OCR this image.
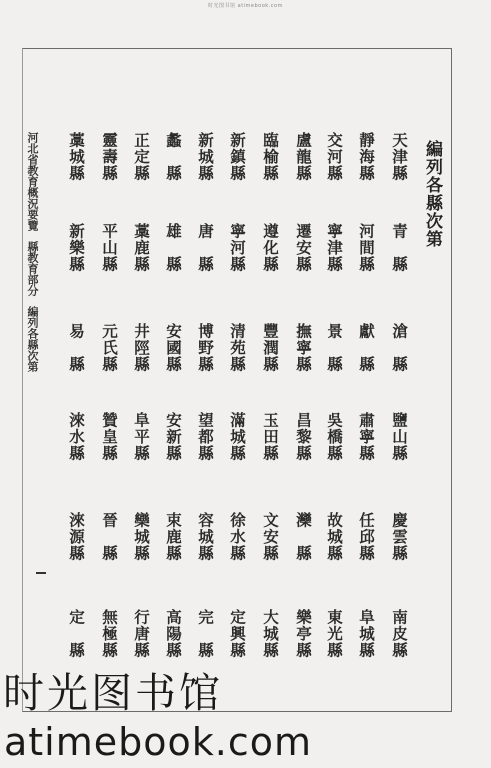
时光图书馆 atimebook.com
編列各縣次第
河北省教育概況要覽縣教育部分編列各縣次第
天津縣
青　縣
滄　縣
鹽山縣
慶雲縣
南皮縣
靜海縣
河間縣
獻　縣
肅寧縣
任邱縣
阜城縣
交河縣
寧津縣
景　縣
吳橋縣
故城縣
東光縣
盧龍縣
遷安縣
撫寧縣
昌黎縣
灤　縣
樂亭縣
臨榆縣
遵化縣
豐潤縣
玉田縣
文安縣
大城縣
新鎮縣
寧河縣
清苑縣
滿城縣
徐水縣
定興縣
新城縣
唐　縣
博野縣
望都縣
容城縣
完　縣
蠡　縣
雄　縣
安國縣
安新縣
束鹿縣
高陽縣
正定縣
藁鹿縣
井陘縣
阜平縣
欒城縣
行唐縣
靈壽縣
平山縣
元氏縣
贊皇縣
晉　縣
無極縣
藁城縣
新樂縣
易　縣
淶水縣
淶源縣
定　縣
时光图书馆
atimebook.com
